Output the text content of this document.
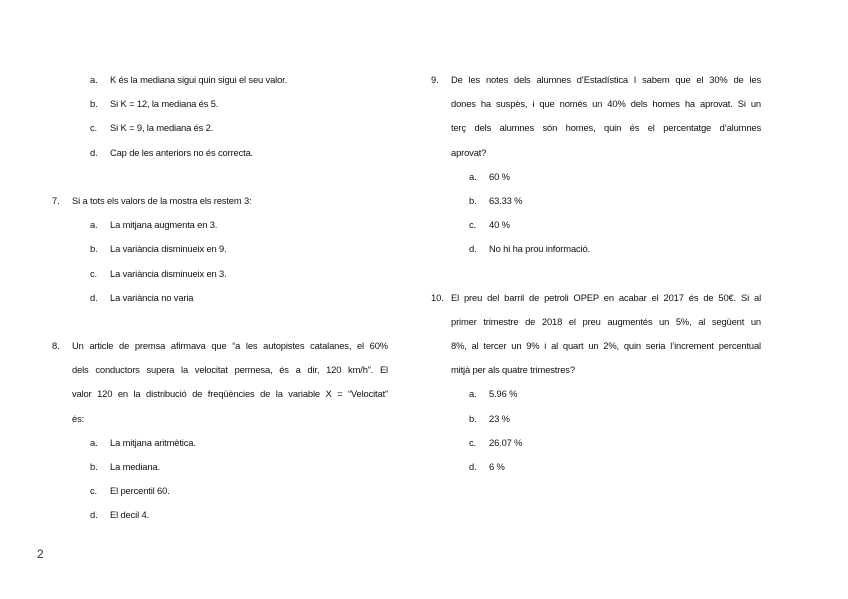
a.	K és la mediana sigui quin sigui el seu valor.
b.	Si K = 12, la mediana és 5.
c.	Si K = 9, la mediana és 2.
d.	Cap de les anteriors no és correcta.
7.	Si a tots els valors de la mostra els restem 3:
a.	La mitjana augmenta en 3.
b.	La variància disminueix en 9.
c.	La variància disminueix en 3.
d.	La variància no varia
8.	Un article de premsa afirmava que “a les autopistes catalanes, el 60%
dels conductors supera la velocitat permesa, és a dir, 120 km/h”. El
valor 120 en la distribució de freqüències de la variable X = “Velocitat”
és:
a.	La mitjana aritmètica.
b.	La mediana.
c.	El percentil 60.
d.	El decil 4.
9.	De les notes dels alumnes d’Estadística I sabem que el 30% de les
dones ha suspès, i que només un 40% dels homes ha aprovat. Si un
terç dels alumnes són homes, quin és el percentatge d’alumnes
aprovat?
a.	60 %
b.	63.33 %
c.	40 %
d.	No hi ha prou informació.
10. El preu del barril de petroli OPEP en acabar el 2017 és de 50€. Si al
primer trimestre de 2018 el preu augmentés un 5%, al següent un
8%, al tercer un 9% i al quart un 2%, quin seria l’increment percentual
mitjà per als quatre trimestres?
a.	5.96 %
b.	23 %
c.	26.07 %
d.	6 %
2
